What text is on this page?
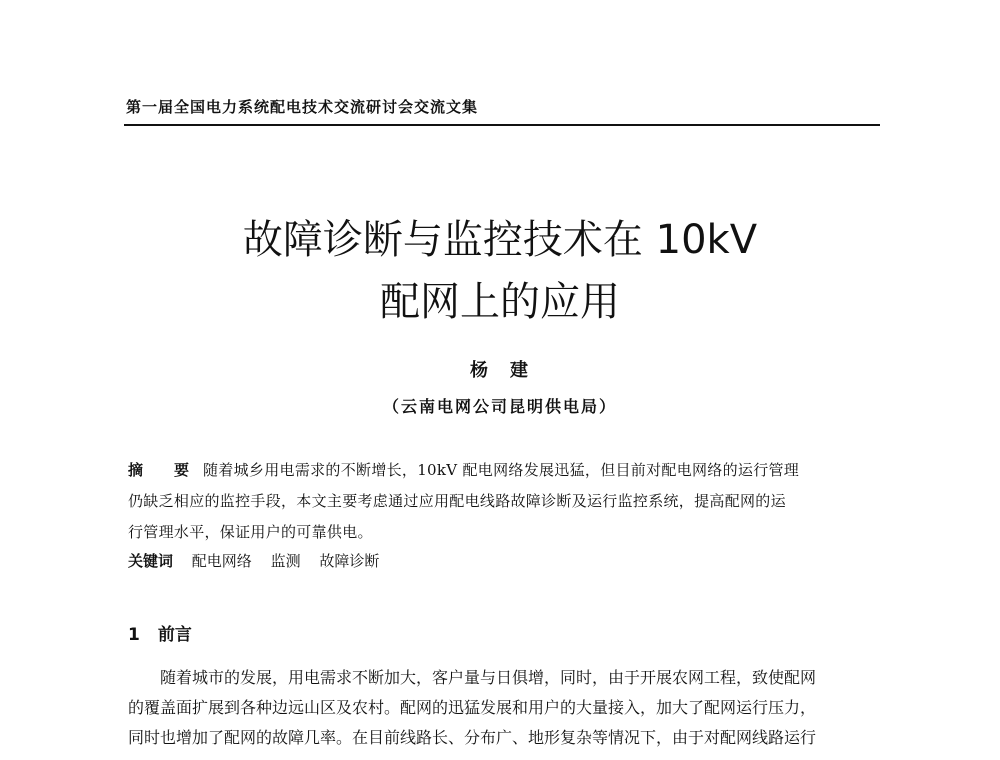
第一届全国电力系统配电技术交流研讨会交流文集
故障诊断与监控技术在 10kV
配网上的应用
杨　建
（云南电网公司昆明供电局）
摘　要 随着城乡用电需求的不断增长，10kV 配电网络发展迅猛，但目前对配电网络的运行管理
仍缺乏相应的监控手段，本文主要考虑通过应用配电线路故障诊断及运行监控系统，提高配网的运
行管理水平，保证用户的可靠供电。
关键词 配电网络 监测 故障诊断
1 前言
随着城市的发展，用电需求不断加大，客户量与日俱增，同时，由于开展农网工程，致使配网
的覆盖面扩展到各种边远山区及农村。配网的迅猛发展和用户的大量接入，加大了配网运行压力，
同时也增加了配网的故障几率。在目前线路长、分布广、地形复杂等情况下，由于对配网线路运行
